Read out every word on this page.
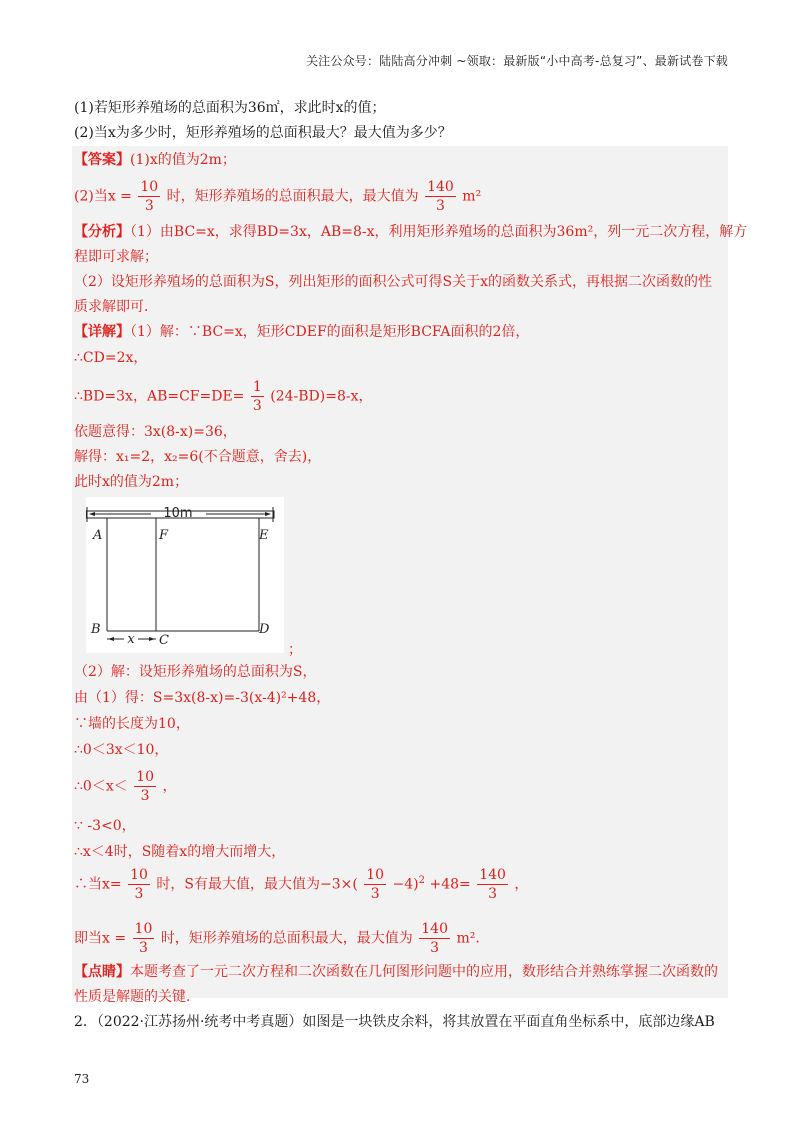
关注公众号：陆陆高分冲刺 ~领取：最新版“小中高考-总复习”、最新试卷下载
(1)若矩形养殖场的总面积为36㎡，求此时x的值；
(2)当x为多少时，矩形养殖场的总面积最大？最大值为多少？
【答案】(1)x的值为2m；
(2)当$x = \frac{10}{3}$ 时，矩形养殖场的总面积最大，最大值为 $\frac{140}{3} m^2$
【分析】（1）由BC=x，求得BD=3x，AB=8-x，利用矩形养殖场的总面积为36m²，列一元二次方程，解方
程即可求解；
（2）设矩形养殖场的总面积为S，列出矩形的面积公式可得S关于x的函数关系式，再根据二次函数的性
质求解即可．
【详解】（1）解：∵BC=x，矩形CDEF的面积是矩形BCFA面积的2倍，
∴CD=2x，
∴BD=3x，$AB=CF=DE= \frac{1}{3} (24-BD)=8-x$，
依题意得：3x(8-x)=36，
解得：x₁=2，x₂=6(不合题意，舍去)，
此时x的值为2m；
10m
A	F	E
B
C
D
x
；
（2）解：设矩形养殖场的总面积为S，
由（1）得：S=3x(8-x)=-3(x-4)²+48，
∵墙的长度为10，
∴0＜3x＜10，
∴0＜x＜ $\frac{10}{3}$ ，
∵ -3<0，
∴x＜4时，S随着x的增大而增大，
∴当$x= \frac{10}{3}$ 时，S有最大值，最大值为$-3\times( \frac{10}{3} -4)^2 +48= \frac{140}{3}$ ，
即当$x = \frac{10}{3}$ 时，矩形养殖场的总面积最大，最大值为 $\frac{140}{3} m^2$.
【点睛】本题考查了一元二次方程和二次函数在几何图形问题中的应用，数形结合并熟练掌握二次函数的
性质是解题的关键.
2．（2022·江苏扬州·统考中考真题）如图是一块铁皮余料，将其放置在平面直角坐标系中，底部边缘AB
73
